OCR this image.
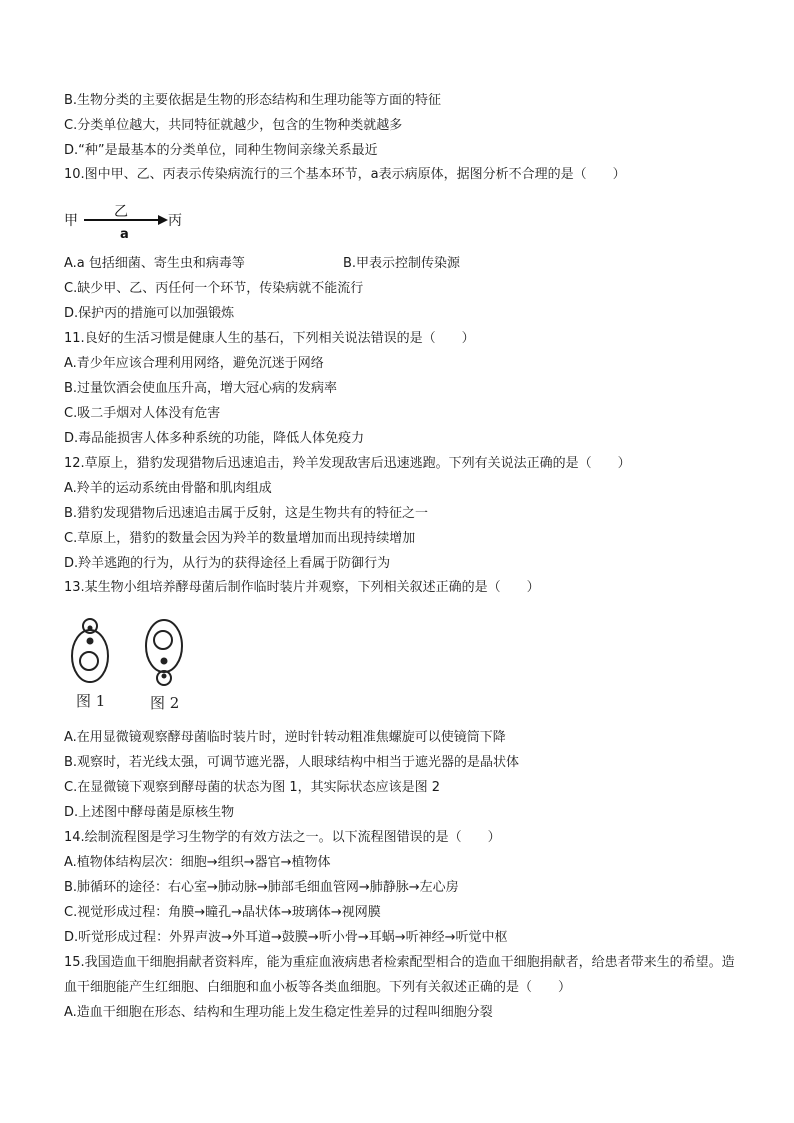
B.生物分类的主要依据是生物的形态结构和生理功能等方面的特征
C.分类单位越大，共同特征就越少，包含的生物种类就越多
D.“种”是最基本的分类单位，同种生物间亲缘关系最近
10.图中甲、乙、丙表示传染病流行的三个基本环节，a表示病原体，据图分析不合理的是（　　）
甲
乙
a
丙
A.a 包括细菌、寄生虫和病毒等	B.甲表示控制传染源
C.缺少甲、乙、丙任何一个环节，传染病就不能流行
D.保护丙的措施可以加强锻炼
11.良好的生活习惯是健康人生的基石，下列相关说法错误的是（　　）
A.青少年应该合理利用网络，避免沉迷于网络
B.过量饮酒会使血压升高，增大冠心病的发病率
C.吸二手烟对人体没有危害
D.毒品能损害人体多种系统的功能，降低人体免疫力
12.草原上，猎豹发现猎物后迅速追击，羚羊发现敌害后迅速逃跑。下列有关说法正确的是（　　）
A.羚羊的运动系统由骨骼和肌肉组成
B.猎豹发现猎物后迅速追击属于反射，这是生物共有的特征之一
C.草原上，猎豹的数量会因为羚羊的数量增加而出现持续增加
D.羚羊逃跑的行为，从行为的获得途径上看属于防御行为
13.某生物小组培养酵母菌后制作临时装片并观察，下列相关叙述正确的是（　　）
图 1	图 2
A.在用显微镜观察酵母菌临时装片时，逆时针转动粗准焦螺旋可以使镜筒下降
B.观察时，若光线太强，可调节遮光器，人眼球结构中相当于遮光器的是晶状体
C.在显微镜下观察到酵母菌的状态为图 1，其实际状态应该是图 2
D.上述图中酵母菌是原核生物
14.绘制流程图是学习生物学的有效方法之一。以下流程图错误的是（　　）
A.植物体结构层次：细胞→组织→器官→植物体
B.肺循环的途径：右心室→肺动脉→肺部毛细血管网→肺静脉→左心房
C.视觉形成过程：角膜→瞳孔→晶状体→玻璃体→视网膜
D.听觉形成过程：外界声波→外耳道→鼓膜→听小骨→耳蜗→听神经→听觉中枢
15.我国造血干细胞捐献者资料库，能为重症血液病患者检索配型相合的造血干细胞捐献者，给患者带来生的希望。造血干细胞能产生红细胞、白细胞和血小板等各类血细胞。下列有关叙述正确的是（　　）
A.造血干细胞在形态、结构和生理功能上发生稳定性差异的过程叫细胞分裂
